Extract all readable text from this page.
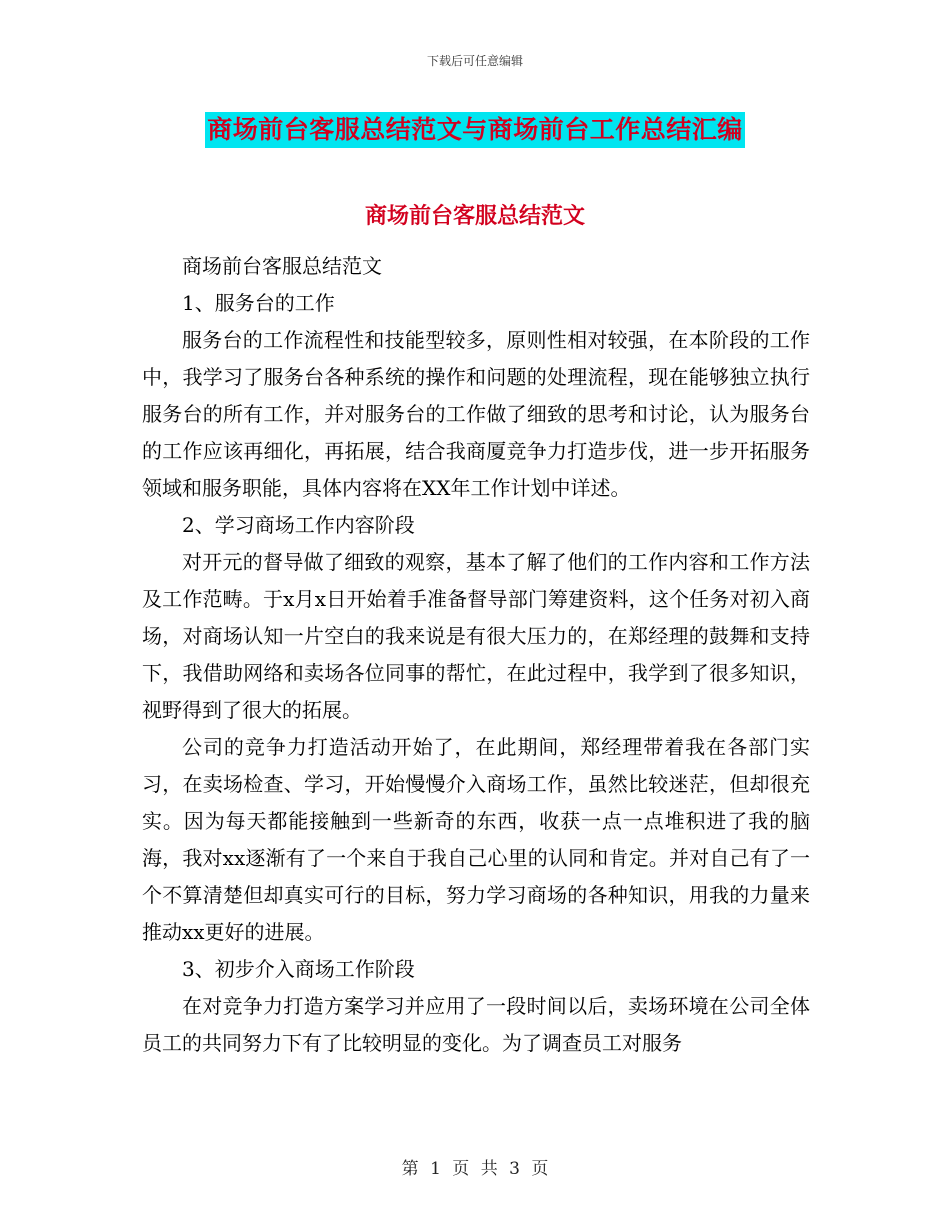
下载后可任意编辑
商场前台客服总结范文与商场前台工作总结汇编
商场前台客服总结范文

商场前台客服总结范文

1、服务台的工作

服务台的工作流程性和技能型较多，原则性相对较强，在本阶段的工作中，我学习了服务台各种系统的操作和问题的处理流程，现在能够独立执行服务台的所有工作，并对服务台的工作做了细致的思考和讨论，认为服务台的工作应该再细化，再拓展，结合我商厦竞争力打造步伐，进一步开拓服务领域和服务职能，具体内容将在XX年工作计划中详述。

2、学习商场工作内容阶段

对开元的督导做了细致的观察，基本了解了他们的工作内容和工作方法及工作范畴。于x月x日开始着手准备督导部门筹建资料，这个任务对初入商场，对商场认知一片空白的我来说是有很大压力的，在郑经理的鼓舞和支持下，我借助网络和卖场各位同事的帮忙，在此过程中，我学到了很多知识，视野得到了很大的拓展。

公司的竞争力打造活动开始了，在此期间，郑经理带着我在各部门实习，在卖场检查、学习，开始慢慢介入商场工作，虽然比较迷茫，但却很充实。因为每天都能接触到一些新奇的东西，收获一点一点堆积进了我的脑海，我对xx逐渐有了一个来自于我自己心里的认同和肯定。并对自己有了一个不算清楚但却真实可行的目标，努力学习商场的各种知识，用我的力量来推动xx更好的进展。

3、初步介入商场工作阶段

在对竞争力打造方案学习并应用了一段时间以后，卖场环境在公司全体员工的共同努力下有了比较明显的变化。为了调查员工对服务

第 1 页 共 3 页
